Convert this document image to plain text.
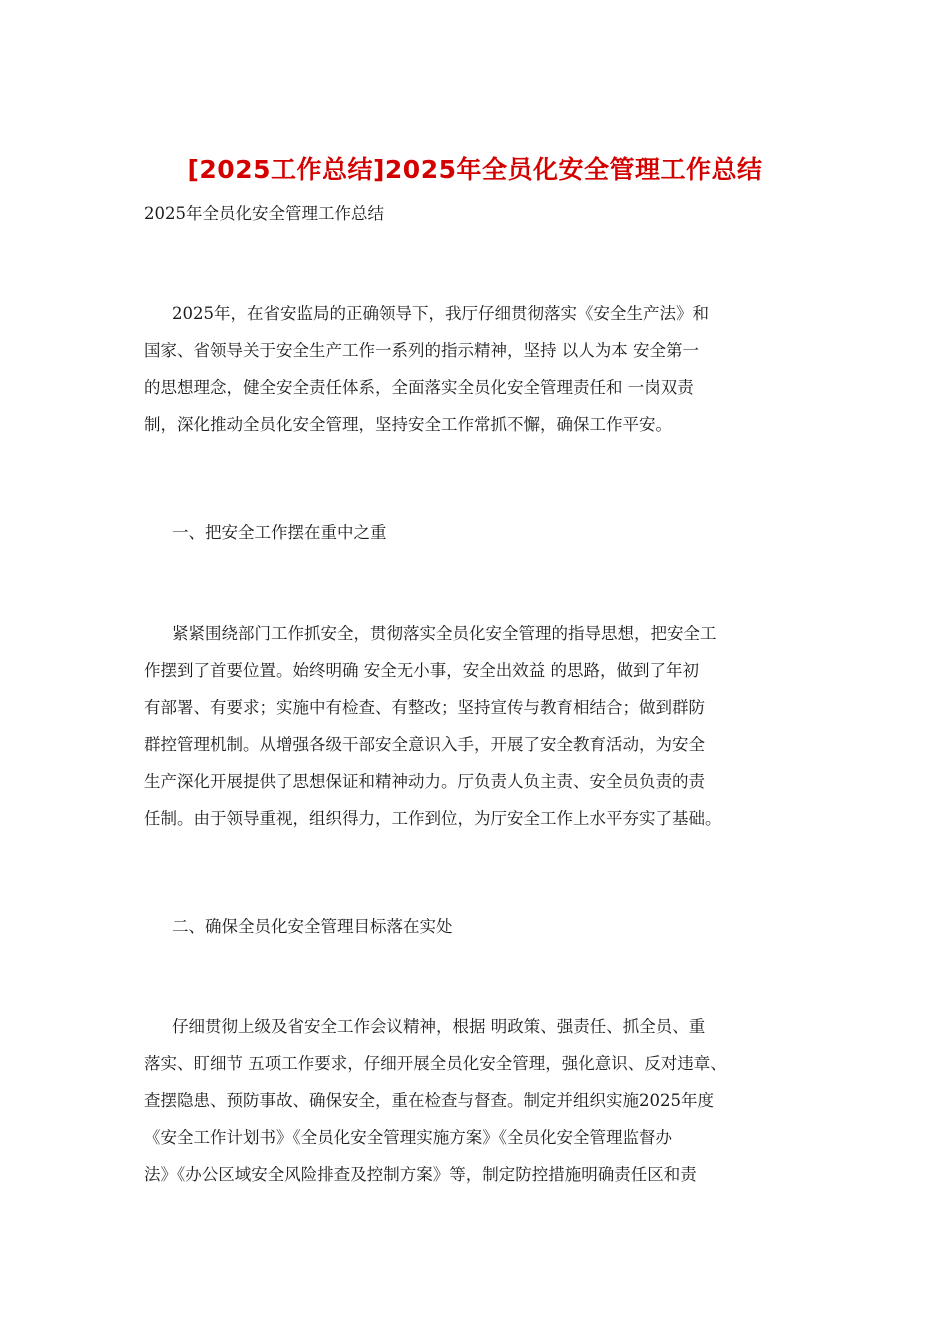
[2025工作总结]2025年全员化安全管理工作总结
2025年全员化安全管理工作总结
2025年，在省安监局的正确领导下，我厅仔细贯彻落实《安全生产法》和
国家、省领导关于安全生产工作一系列的指示精神，坚持 以人为本 安全第一
的思想理念，健全安全责任体系，全面落实全员化安全管理责任和 一岗双责
制，深化推动全员化安全管理，坚持安全工作常抓不懈，确保工作平安。
一、把安全工作摆在重中之重
紧紧围绕部门工作抓安全，贯彻落实全员化安全管理的指导思想，把安全工
作摆到了首要位置。始终明确 安全无小事，安全出效益 的思路，做到了年初
有部署、有要求；实施中有检查、有整改；坚持宣传与教育相结合；做到群防
群控管理机制。从增强各级干部安全意识入手，开展了安全教育活动，为安全
生产深化开展提供了思想保证和精神动力。厅负责人负主责、安全员负责的责
任制。由于领导重视，组织得力，工作到位，为厅安全工作上水平夯实了基础。
二、确保全员化安全管理目标落在实处
仔细贯彻上级及省安全工作会议精神，根据 明政策、强责任、抓全员、重
落实、盯细节 五项工作要求，仔细开展全员化安全管理，强化意识、反对违章、
查摆隐患、预防事故、确保安全，重在检查与督查。制定并组织实施2025年度
《安全工作计划书》《全员化安全管理实施方案》《全员化安全管理监督办
法》《办公区域安全风险排查及控制方案》等，制定防控措施明确责任区和责
